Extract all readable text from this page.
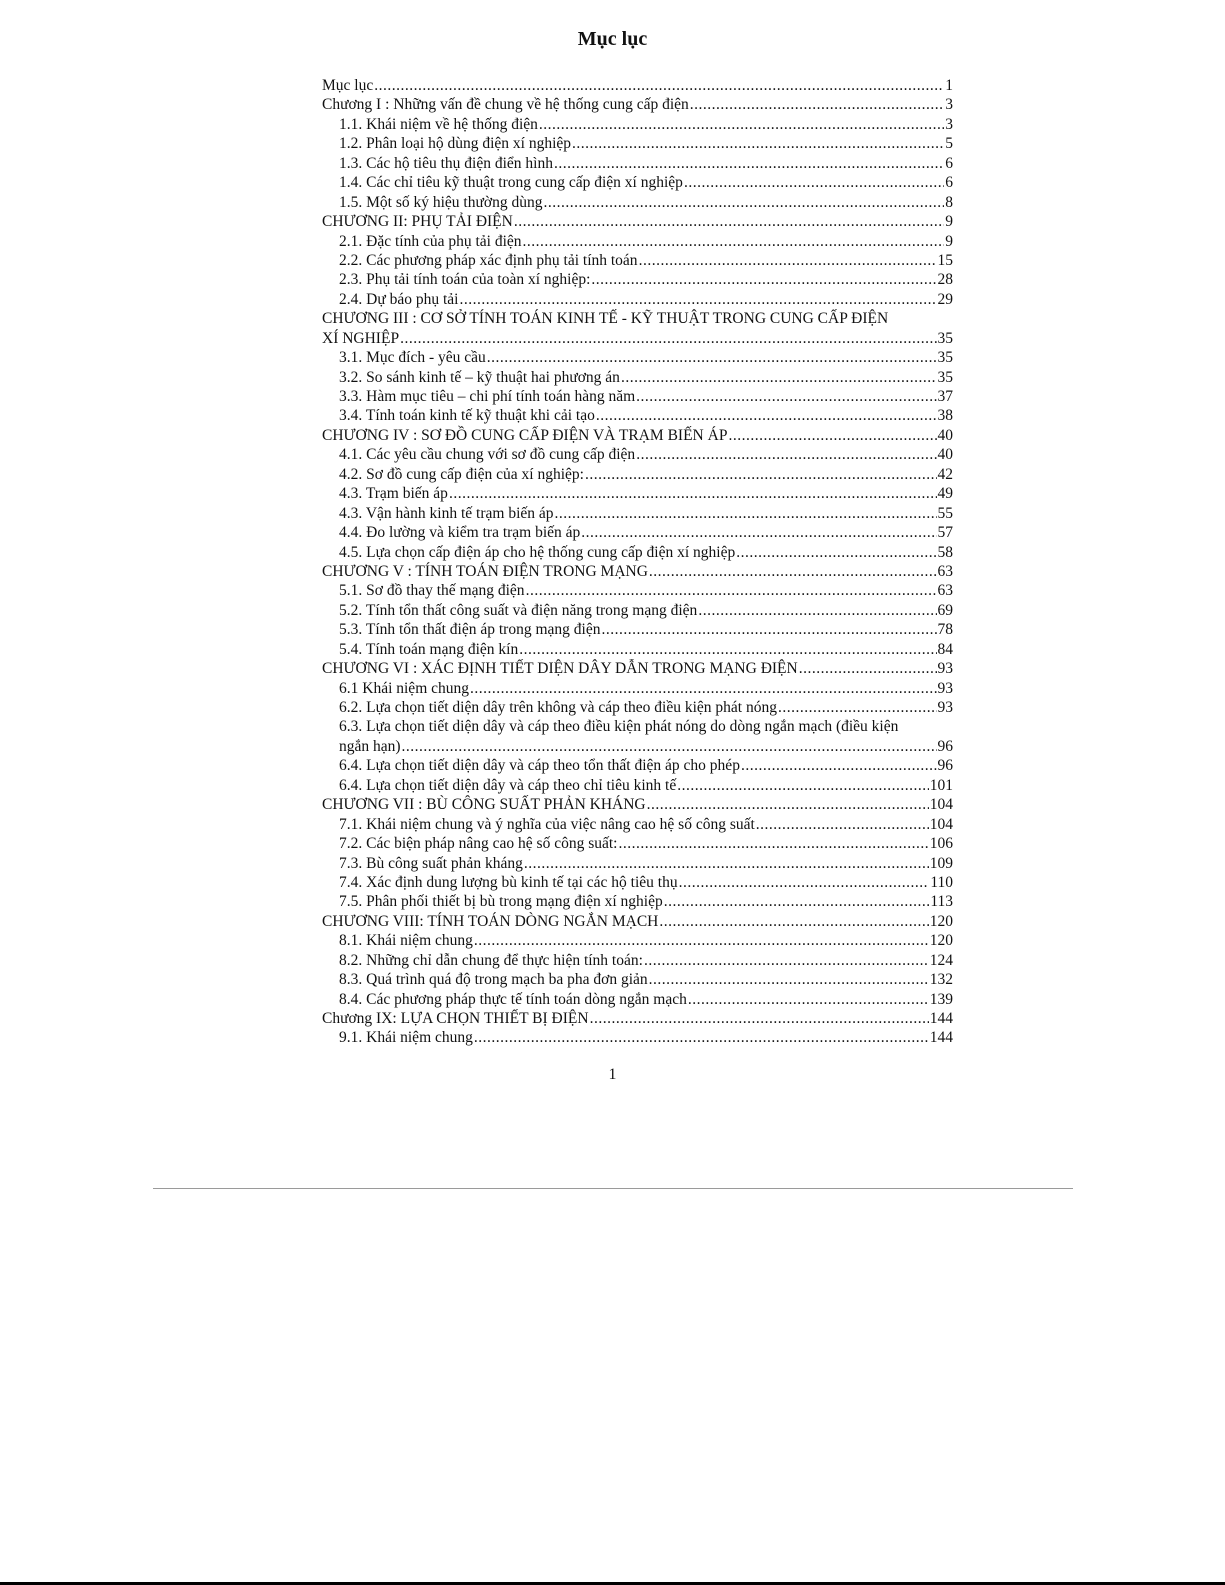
Mục lục
Mục lục .....	1
Chương I : Những vấn đề chung về hệ thống cung cấp điện .....	3
1.1. Khái niệm về hệ thống điện .....	3
1.2. Phân loại hộ dùng điện xí nghiệp .....	5
1.3. Các hộ tiêu thụ điện điển hình .....	6
1.4. Các chỉ tiêu kỹ thuật trong cung cấp điện xí nghiệp .....	6
1.5. Một số ký hiệu thường dùng .....	8
CHƯƠNG II: PHỤ TẢI ĐIỆN .....	9
2.1. Đặc tính của phụ tải điện .....	9
2.2. Các phương pháp xác định phụ tải tính toán .....	15
2.3. Phụ tải tính toán của toàn xí nghiệp: .....	28
2.4. Dự báo phụ tải .....	29
CHƯƠNG III : CƠ SỞ TÍNH TOÁN KINH TẾ - KỸ THUẬT TRONG CUNG CẤP ĐIỆN
XÍ NGHIỆP .....	35
3.1. Mục đích - yêu cầu .....	35
3.2. So sánh kinh tế – kỹ thuật hai phương án .....	35
3.3. Hàm mục tiêu – chi phí tính toán hàng năm .....	37
3.4. Tính toán kinh tế kỹ thuật khi cải tạo .....	38
CHƯƠNG IV : SƠ ĐỒ CUNG CẤP ĐIỆN VÀ TRẠM BIẾN ÁP .....	40
4.1. Các yêu cầu chung với sơ đồ cung cấp điện .....	40
4.2. Sơ đồ cung cấp điện của xí nghiệp: .....	42
4.3. Trạm biến áp .....	49
4.3. Vận hành kinh tế trạm biến áp .....	55
4.4. Đo lường và kiểm tra trạm biến áp .....	57
4.5. Lựa chọn cấp điện áp cho hệ thống cung cấp điện xí nghiệp .....	58
CHƯƠNG V : TÍNH TOÁN ĐIỆN TRONG MẠNG .....	63
5.1. Sơ đồ thay thế mạng điện .....	63
5.2. Tính tổn thất công suất và điện năng trong mạng điện .....	69
5.3. Tính tổn thất điện áp trong mạng điện .....	78
5.4. Tính toán mạng điện kín .....	84
CHƯƠNG VI : XÁC ĐỊNH TIẾT DIỆN DÂY DẪN TRONG MẠNG ĐIỆN .....	93
6.1 Khái niệm chung .....	93
6.2. Lựa chọn tiết diện dây trên không và cáp theo điều kiện phát nóng .....	93
6.3. Lựa chọn tiết diện dây và cáp theo điều kiện phát nóng do dòng ngắn mạch (điều kiện
ngắn hạn) .....	96
6.4. Lựa chọn tiết diện dây và cáp theo tổn thất điện áp cho phép .....	96
6.4. Lựa chọn tiết diện dây và cáp theo chỉ tiêu kinh tế .....	101
CHƯƠNG VII : BÙ CÔNG SUẤT PHẢN KHÁNG .....	104
7.1. Khái niệm chung và ý nghĩa của việc nâng cao hệ số công suất .....	104
7.2. Các biện pháp nâng cao hệ số công suất: .....	106
7.3. Bù công suất phản kháng .....	109
7.4. Xác định dung lượng bù kinh tế tại các hộ tiêu thụ .....	110
7.5. Phân phối thiết bị bù trong mạng điện xí nghiệp .....	113
CHƯƠNG VIII: TÍNH TOÁN DÒNG NGẮN MẠCH .....	120
8.1. Khái niệm chung .....	120
8.2. Những chỉ dẫn chung để thực hiện tính toán: .....	124
8.3. Quá trình quá độ trong mạch ba pha đơn giản .....	132
8.4. Các phương pháp thực tế tính toán dòng ngắn mạch .....	139
Chương IX: LỰA CHỌN THIẾT BỊ ĐIỆN .....	144
9.1. Khái niệm chung .....	144
1
